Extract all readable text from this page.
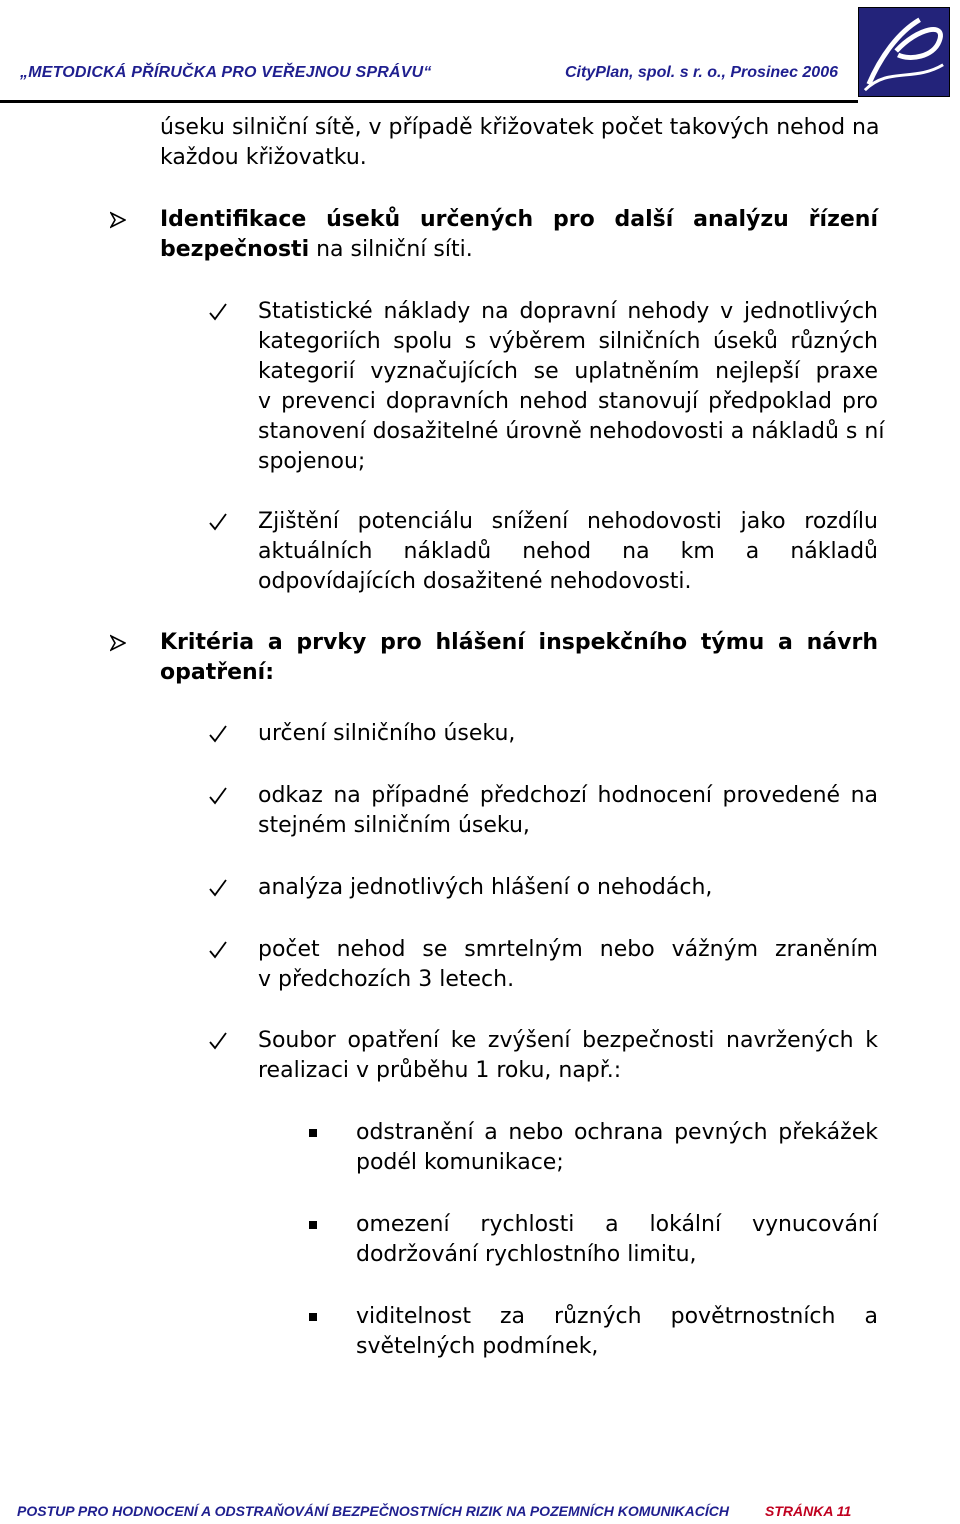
„METODICKÁ PŘÍRUČKA PRO VEŘEJNOU SPRÁVU“	CityPlan, spol. s r. o., Prosinec 2006
úseku silniční sítě, v případě křižovatek počet takových nehod na
každou křižovatku.
Identifikace úseků určených pro další analýzu řízení
bezpečnosti na silniční síti.
Statistické náklady na dopravní nehody v jednotlivých
kategoriích spolu s výběrem silničních úseků různých
kategorií vyznačujících se uplatněním nejlepší praxe
v prevenci dopravních nehod stanovují předpoklad pro
stanovení dosažitelné úrovně nehodovosti a nákladů s ní
spojenou;
Zjištění potenciálu snížení nehodovosti jako rozdílu
aktuálních nákladů nehod na km a nákladů
odpovídajících dosažitené nehodovosti.
Kritéria a prvky pro hlášení inspekčního týmu a návrh
opatření:
určení silničního úseku,
odkaz na případné předchozí hodnocení provedené na
stejném silničním úseku,
analýza jednotlivých hlášení o nehodách,
počet nehod se smrtelným nebo vážným zraněním
v předchozích 3 letech.
Soubor opatření ke zvýšení bezpečnosti navržených k
realizaci v průběhu 1 roku, např.:
odstranění a nebo ochrana pevných překážek
podél komunikace;
omezení rychlosti a lokální vynucování
dodržování rychlostního limitu,
viditelnost za různých povětrnostních a
světelných podmínek,
POSTUP PRO HODNOCENÍ A ODSTRAŇOVÁNÍ BEZPEČNOSTNÍCH RIZIK NA POZEMNÍCH KOMUNIKACÍCH	STRÁNKA 11
